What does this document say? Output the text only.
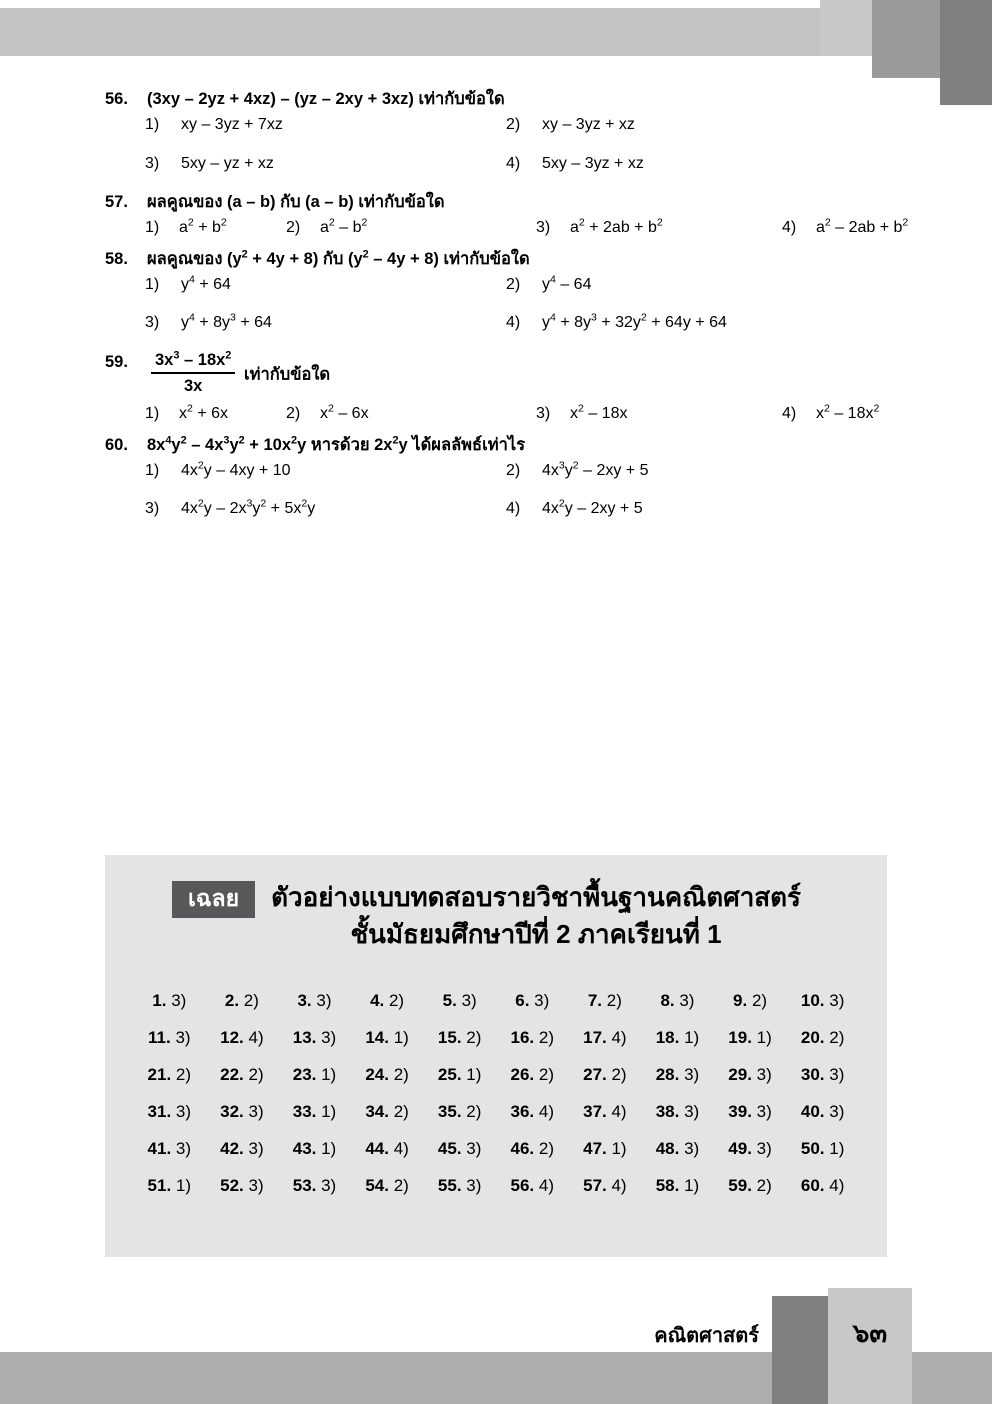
56.	(3xy – 2yz + 4xz) – (yz – 2xy + 3xz) เท่ากับข้อใด
1)	xy – 3yz + 7xz	2)	xy – 3yz + xz
3)	5xy – yz + xz	4)	5xy – 3yz + xz
57.	ผลคูณของ (a – b) กับ (a – b) เท่ากับข้อใด
1)	$a^2 + b^2$	2)	$a^2 - b^2$	3)	$a^2 + 2ab + b^2$	4)	$a^2 - 2ab + b^2$
58.	ผลคูณของ $(y^2 + 4y + 8)$ กับ $(y^2 - 4y + 8)$ เท่ากับข้อใด
1)	$y^4 + 64$	2)	$y^4 - 64$
3)	$y^4 + 8y^3 + 64$	4)	$y^4 + 8y^3 + 32y^2 + 64y + 64$
59.	$\frac{3x^3 - 18x^2}{3x}$ เท่ากับข้อใด
1)	$x^2 + 6x$	2)	$x^2 - 6x$	3)	$x^2 - 18x$	4)	$x^2 - 18x^2$
60.	$8x^4y^2 - 4x^3y^2 + 10x^2y$ หารด้วย $2x^2y$ ได้ผลลัพธ์เท่าไร
1)	$4x^2y - 4xy + 10$	2)	$4x^3y^2 - 2xy + 5$
3)	$4x^2y - 2x^3y^2 + 5x^2y$	4)	$4x^2y - 2xy + 5$
เฉลย	ตัวอย่างแบบทดสอบรายวิชาพื้นฐานคณิตศาสตร์
ชั้นมัธยมศึกษาปีที่ 2 ภาคเรียนที่ 1
1. 3)	2. 2)	3. 3)	4. 2)	5. 3)	6. 3)	7. 2)	8. 3)	9. 2)	10. 3)
11. 3)	12. 4)	13. 3)	14. 1)	15. 2)	16. 2)	17. 4)	18. 1)	19. 1)	20. 2)
21. 2)	22. 2)	23. 1)	24. 2)	25. 1)	26. 2)	27. 2)	28. 3)	29. 3)	30. 3)
31. 3)	32. 3)	33. 1)	34. 2)	35. 2)	36. 4)	37. 4)	38. 3)	39. 3)	40. 3)
41. 3)	42. 3)	43. 1)	44. 4)	45. 3)	46. 2)	47. 1)	48. 3)	49. 3)	50. 1)
51. 1)	52. 3)	53. 3)	54. 2)	55. 3)	56. 4)	57. 4)	58. 1)	59. 2)	60. 4)
คณิตศาสตร์	๖๓
